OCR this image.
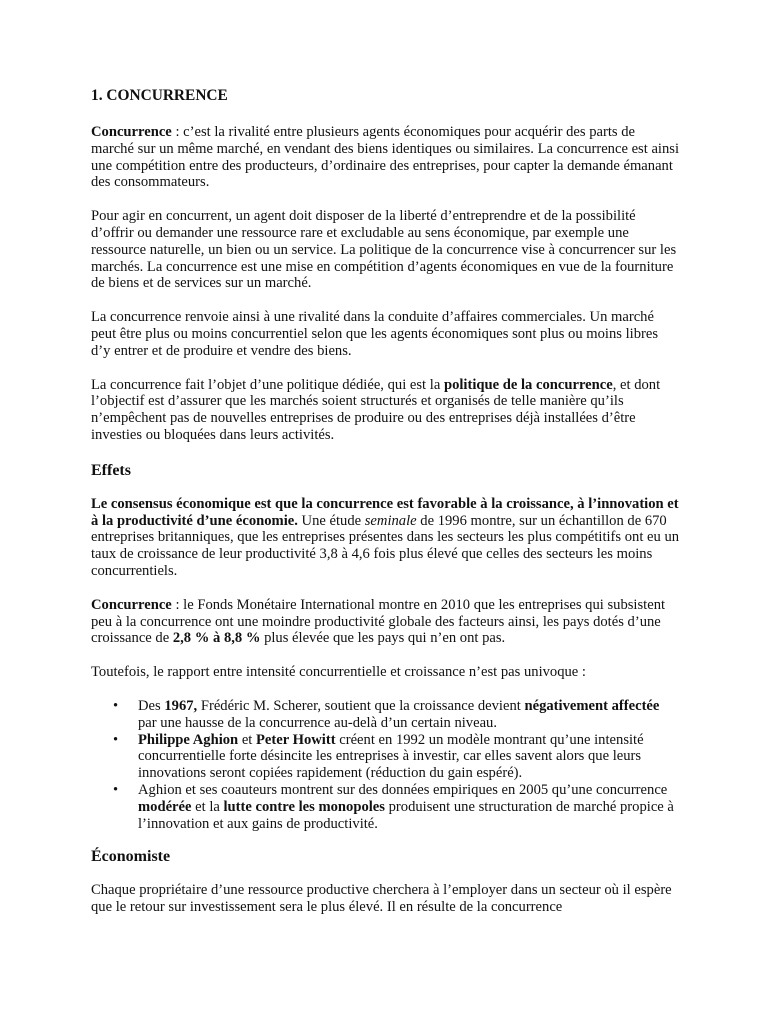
1. CONCURRENCE

Concurrence : c’est la rivalité entre plusieurs agents économiques pour acquérir des parts de marché sur un même marché, en vendant des biens identiques ou similaires. La concurrence est ainsi une compétition entre des producteurs, d’ordinaire des entreprises, pour capter la demande émanant des consommateurs.

Pour agir en concurrent, un agent doit disposer de la liberté d’entreprendre et de la possibilité d’offrir ou demander une ressource rare et excludable au sens économique, par exemple une ressource naturelle, un bien ou un service. La politique de la concurrence vise à concurrencer sur les marchés. La concurrence est une mise en compétition d’agents économiques en vue de la fourniture de biens et de services sur un marché.

La concurrence renvoie ainsi à une rivalité dans la conduite d’affaires commerciales. Un marché peut être plus ou moins concurrentiel selon que les agents économiques sont plus ou moins libres d’y entrer et de produire et vendre des biens.

La concurrence fait l’objet d’une politique dédiée, qui est la politique de la concurrence, et dont l’objectif est d’assurer que les marchés soient structurés et organisés de telle manière qu’ils n’empêchent pas de nouvelles entreprises de produire ou des entreprises déjà installées d’être investies ou bloquées dans leurs activités.

Effets

Le consensus économique est que la concurrence est favorable à la croissance, à l’innovation et à la productivité d’une économie. Une étude seminale de 1996 montre, sur un échantillon de 670 entreprises britanniques, que les entreprises présentes dans les secteurs les plus compétitifs ont eu un taux de croissance de leur productivité 3,8 à 4,6 fois plus élevé que celles des secteurs les moins concurrentiels.

Concurrence : le Fonds Monétaire International montre en 2010 que les entreprises qui subsistent peu à la concurrence ont une moindre productivité globale des facteurs ainsi, les pays dotés d’une croissance de 2,8 % à 8,8 % plus élevée que les pays qui n’en ont pas.

Toutefois, le rapport entre intensité concurrentielle et croissance n’est pas univoque :

• Des 1967, Frédéric M. Scherer, soutient que la croissance devient négativement affectée par une hausse de la concurrence au-delà d’un certain niveau.
• Philippe Aghion et Peter Howitt créent en 1992 un modèle montrant qu’une intensité concurrentielle forte désincite les entreprises à investir, car elles savent alors que leurs innovations seront copiées rapidement (réduction du gain espéré).
• Aghion et ses coauteurs montrent sur des données empiriques en 2005 qu’une concurrence modérée et la lutte contre les monopoles produisent une structuration de marché propice à l’innovation et aux gains de productivité.
Économiste

Chaque propriétaire d’une ressource productive cherchera à l’employer dans un secteur où il espère que le retour sur investissement sera le plus élevé. Il en résulte de la concurrence
